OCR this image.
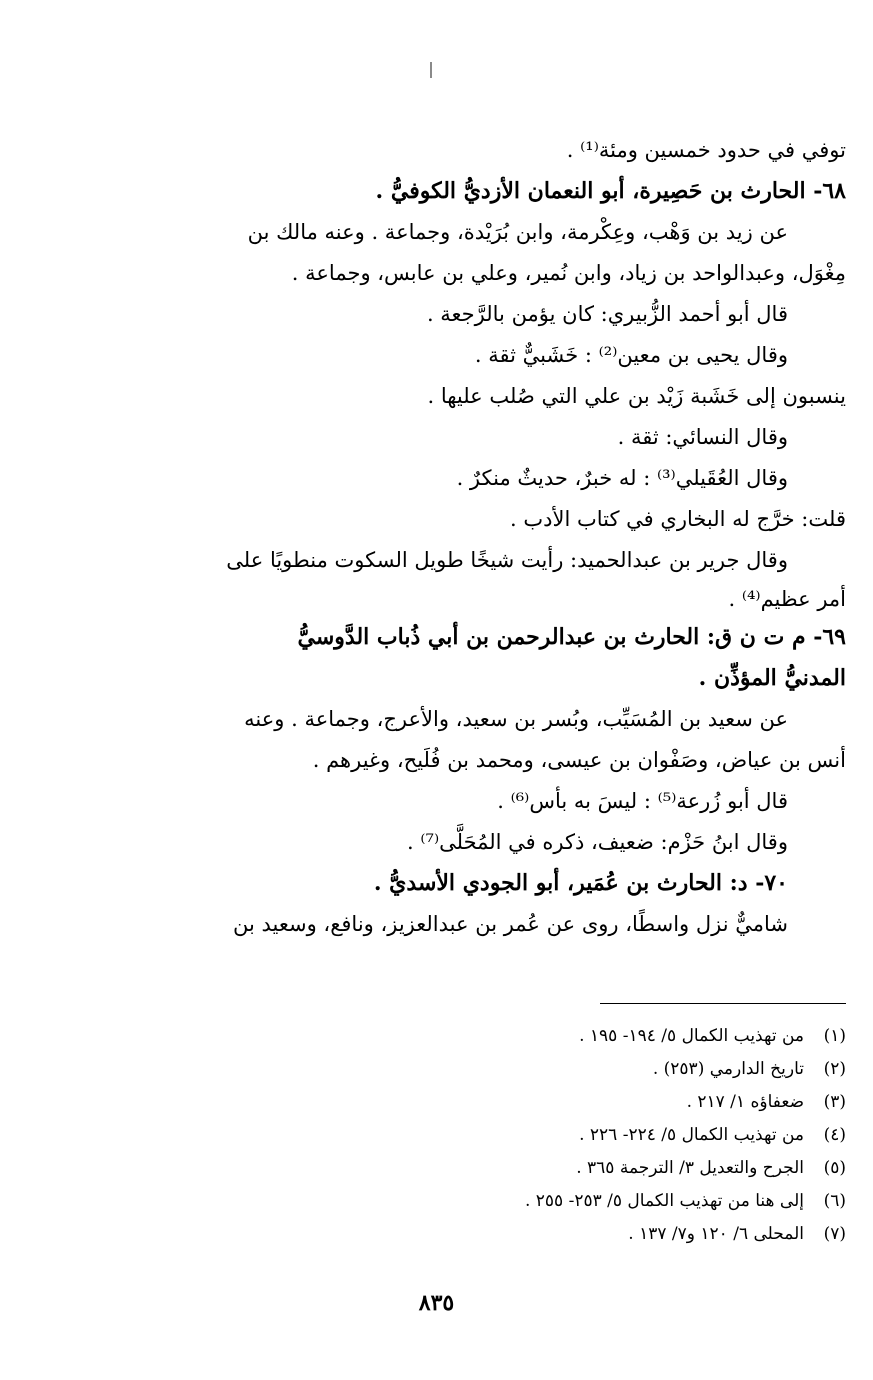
توفي في حدود خمسين ومئة⁽¹⁾ .
٦٨- الحارث بن حَصِيرة، أبو النعمان الأزديُّ الكوفيُّ .
عن زيد بن وَهْب، وعِكْرمة، وابن بُرَيْدة، وجماعة . وعنه مالك بن
مِغْوَل، وعبدالواحد بن زياد، وابن نُمير، وعلي بن عابس، وجماعة .
قال أبو أحمد الزُّبيري: كان يؤمن بالرَّجعة .
وقال يحيى بن معين⁽²⁾ : خَشَبيٌّ ثقة .
ينسبون إلى خَشَبة زَيْد بن علي التي صُلب عليها .
وقال النسائي: ثقة .
وقال العُقَيلي⁽³⁾ : له خبرٌ، حديثٌ منكرٌ .
قلت: خرَّج له البخاري في كتاب الأدب .
وقال جرير بن عبدالحميد: رأيت شيخًا طويل السكوت منطويًا على
أمر عظيم⁽⁴⁾ .
٦٩- م ت ن ق: الحارث بن عبدالرحمن بن أبي ذُباب الدَّوسيُّ
المدنيُّ المؤذِّن .
عن سعيد بن المُسَيِّب، وبُسر بن سعيد، والأعرج، وجماعة . وعنه
أنس بن عياض، وصَفْوان بن عيسى، ومحمد بن فُلَيح، وغيرهم .
قال أبو زُرعة⁽⁵⁾ : ليسَ به بأس⁽⁶⁾ .
وقال ابنُ حَزْم: ضعيف، ذكره في المُحَلَّى⁽⁷⁾ .
٧٠- د: الحارث بن عُمَير، أبو الجودي الأسديُّ .
شاميٌّ نزل واسطًا، روى عن عُمر بن عبدالعزيز، ونافع، وسعيد بن
(١)من تهذيب الكمال ٥/ ١٩٤- ١٩٥ .
(٢)تاريخ الدارمي (٢٥٣) .
(٣)ضعفاؤه ١/ ٢١٧ .
(٤)من تهذيب الكمال ٥/ ٢٢٤- ٢٢٦ .
(٥)الجرح والتعديل ٣/ الترجمة ٣٦٥ .
(٦)إلى هنا من تهذيب الكمال ٥/ ٢٥٣- ٢٥٥ .
(٧)المحلى ٦/ ١٢٠ و٧/ ١٣٧ .
٨٣٥
